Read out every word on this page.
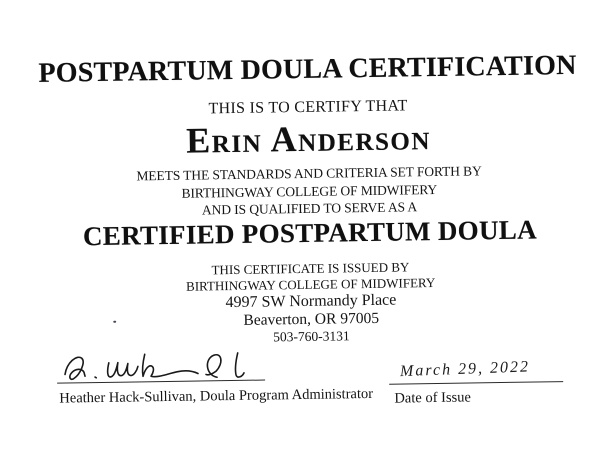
POSTPARTUM DOULA CERTIFICATION
THIS IS TO CERTIFY THAT
Erin Anderson
MEETS THE STANDARDS AND CRITERIA SET FORTH BY
BIRTHINGWAY COLLEGE OF MIDWIFERY
AND IS QUALIFIED TO SERVE AS A
CERTIFIED POSTPARTUM DOULA
THIS CERTIFICATE IS ISSUED BY
BIRTHINGWAY COLLEGE OF MIDWIFERY
4997 SW Normandy Place
Beaverton, OR 97005
503-760-3131
Heather Hack-Sullivan, Doula Program Administrator
March 29, 2022
Date of Issue
